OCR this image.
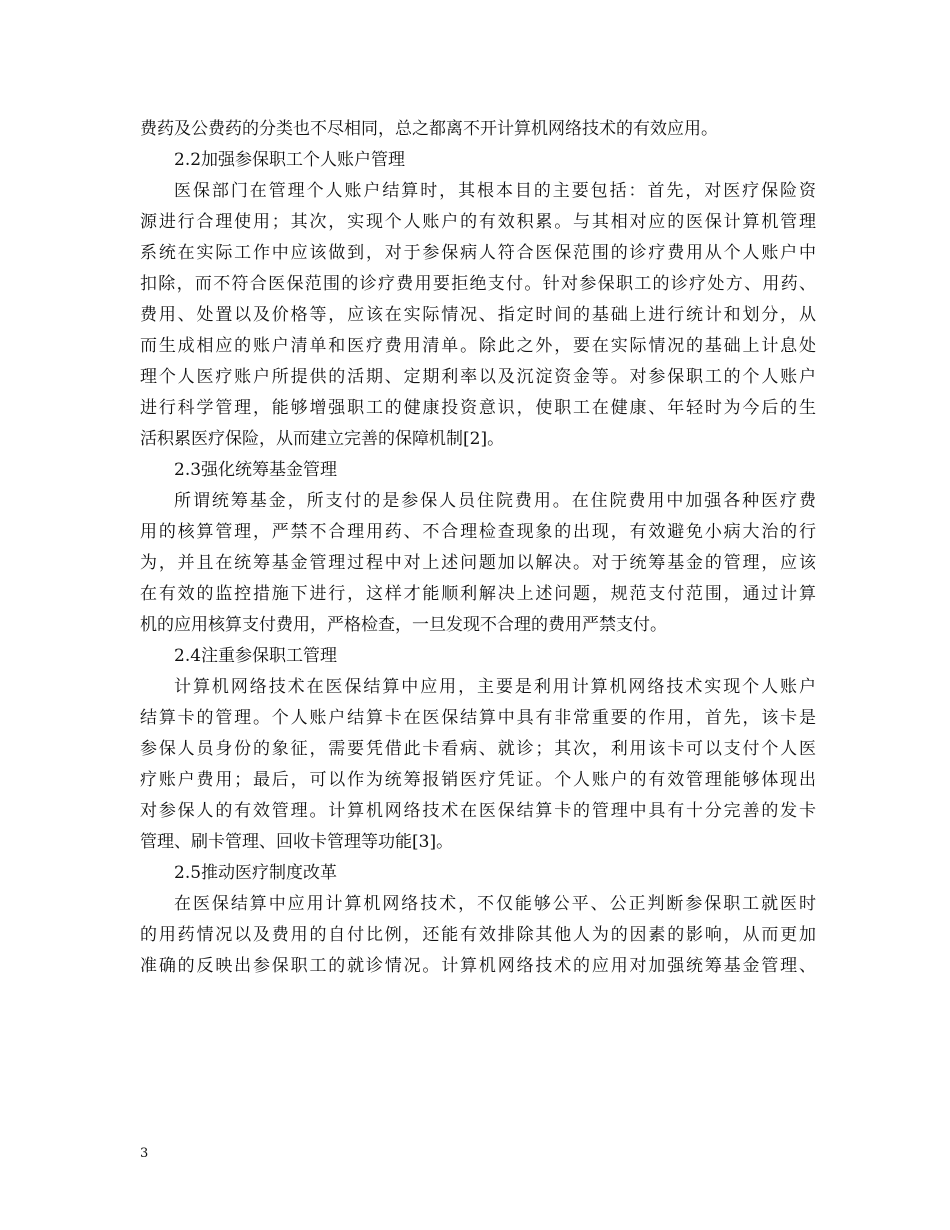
费药及公费药的分类也不尽相同，总之都离不开计算机网络技术的有效应用。
2.2加强参保职工个人账户管理
医保部门在管理个人账户结算时，其根本目的主要包括：首先，对医疗保险资
源进行合理使用；其次，实现个人账户的有效积累。与其相对应的医保计算机管理
系统在实际工作中应该做到，对于参保病人符合医保范围的诊疗费用从个人账户中
扣除，而不符合医保范围的诊疗费用要拒绝支付。针对参保职工的诊疗处方、用药、
费用、处置以及价格等，应该在实际情况、指定时间的基础上进行统计和划分，从
而生成相应的账户清单和医疗费用清单。除此之外，要在实际情况的基础上计息处
理个人医疗账户所提供的活期、定期利率以及沉淀资金等。对参保职工的个人账户
进行科学管理，能够增强职工的健康投资意识，使职工在健康、年轻时为今后的生
活积累医疗保险，从而建立完善的保障机制[2]。
2.3强化统筹基金管理
所谓统筹基金，所支付的是参保人员住院费用。在住院费用中加强各种医疗费
用的核算管理，严禁不合理用药、不合理检查现象的出现，有效避免小病大治的行
为，并且在统筹基金管理过程中对上述问题加以解决。对于统筹基金的管理，应该
在有效的监控措施下进行，这样才能顺利解决上述问题，规范支付范围，通过计算
机的应用核算支付费用，严格检查，一旦发现不合理的费用严禁支付。
2.4注重参保职工管理
计算机网络技术在医保结算中应用，主要是利用计算机网络技术实现个人账户
结算卡的管理。个人账户结算卡在医保结算中具有非常重要的作用，首先，该卡是
参保人员身份的象征，需要凭借此卡看病、就诊；其次，利用该卡可以支付个人医
疗账户费用；最后，可以作为统筹报销医疗凭证。个人账户的有效管理能够体现出
对参保人的有效管理。计算机网络技术在医保结算卡的管理中具有十分完善的发卡
管理、刷卡管理、回收卡管理等功能[3]。
2.5推动医疗制度改革
在医保结算中应用计算机网络技术，不仅能够公平、公正判断参保职工就医时
的用药情况以及费用的自付比例，还能有效排除其他人为的因素的影响，从而更加
准确的反映出参保职工的就诊情况。计算机网络技术的应用对加强统筹基金管理、
3
